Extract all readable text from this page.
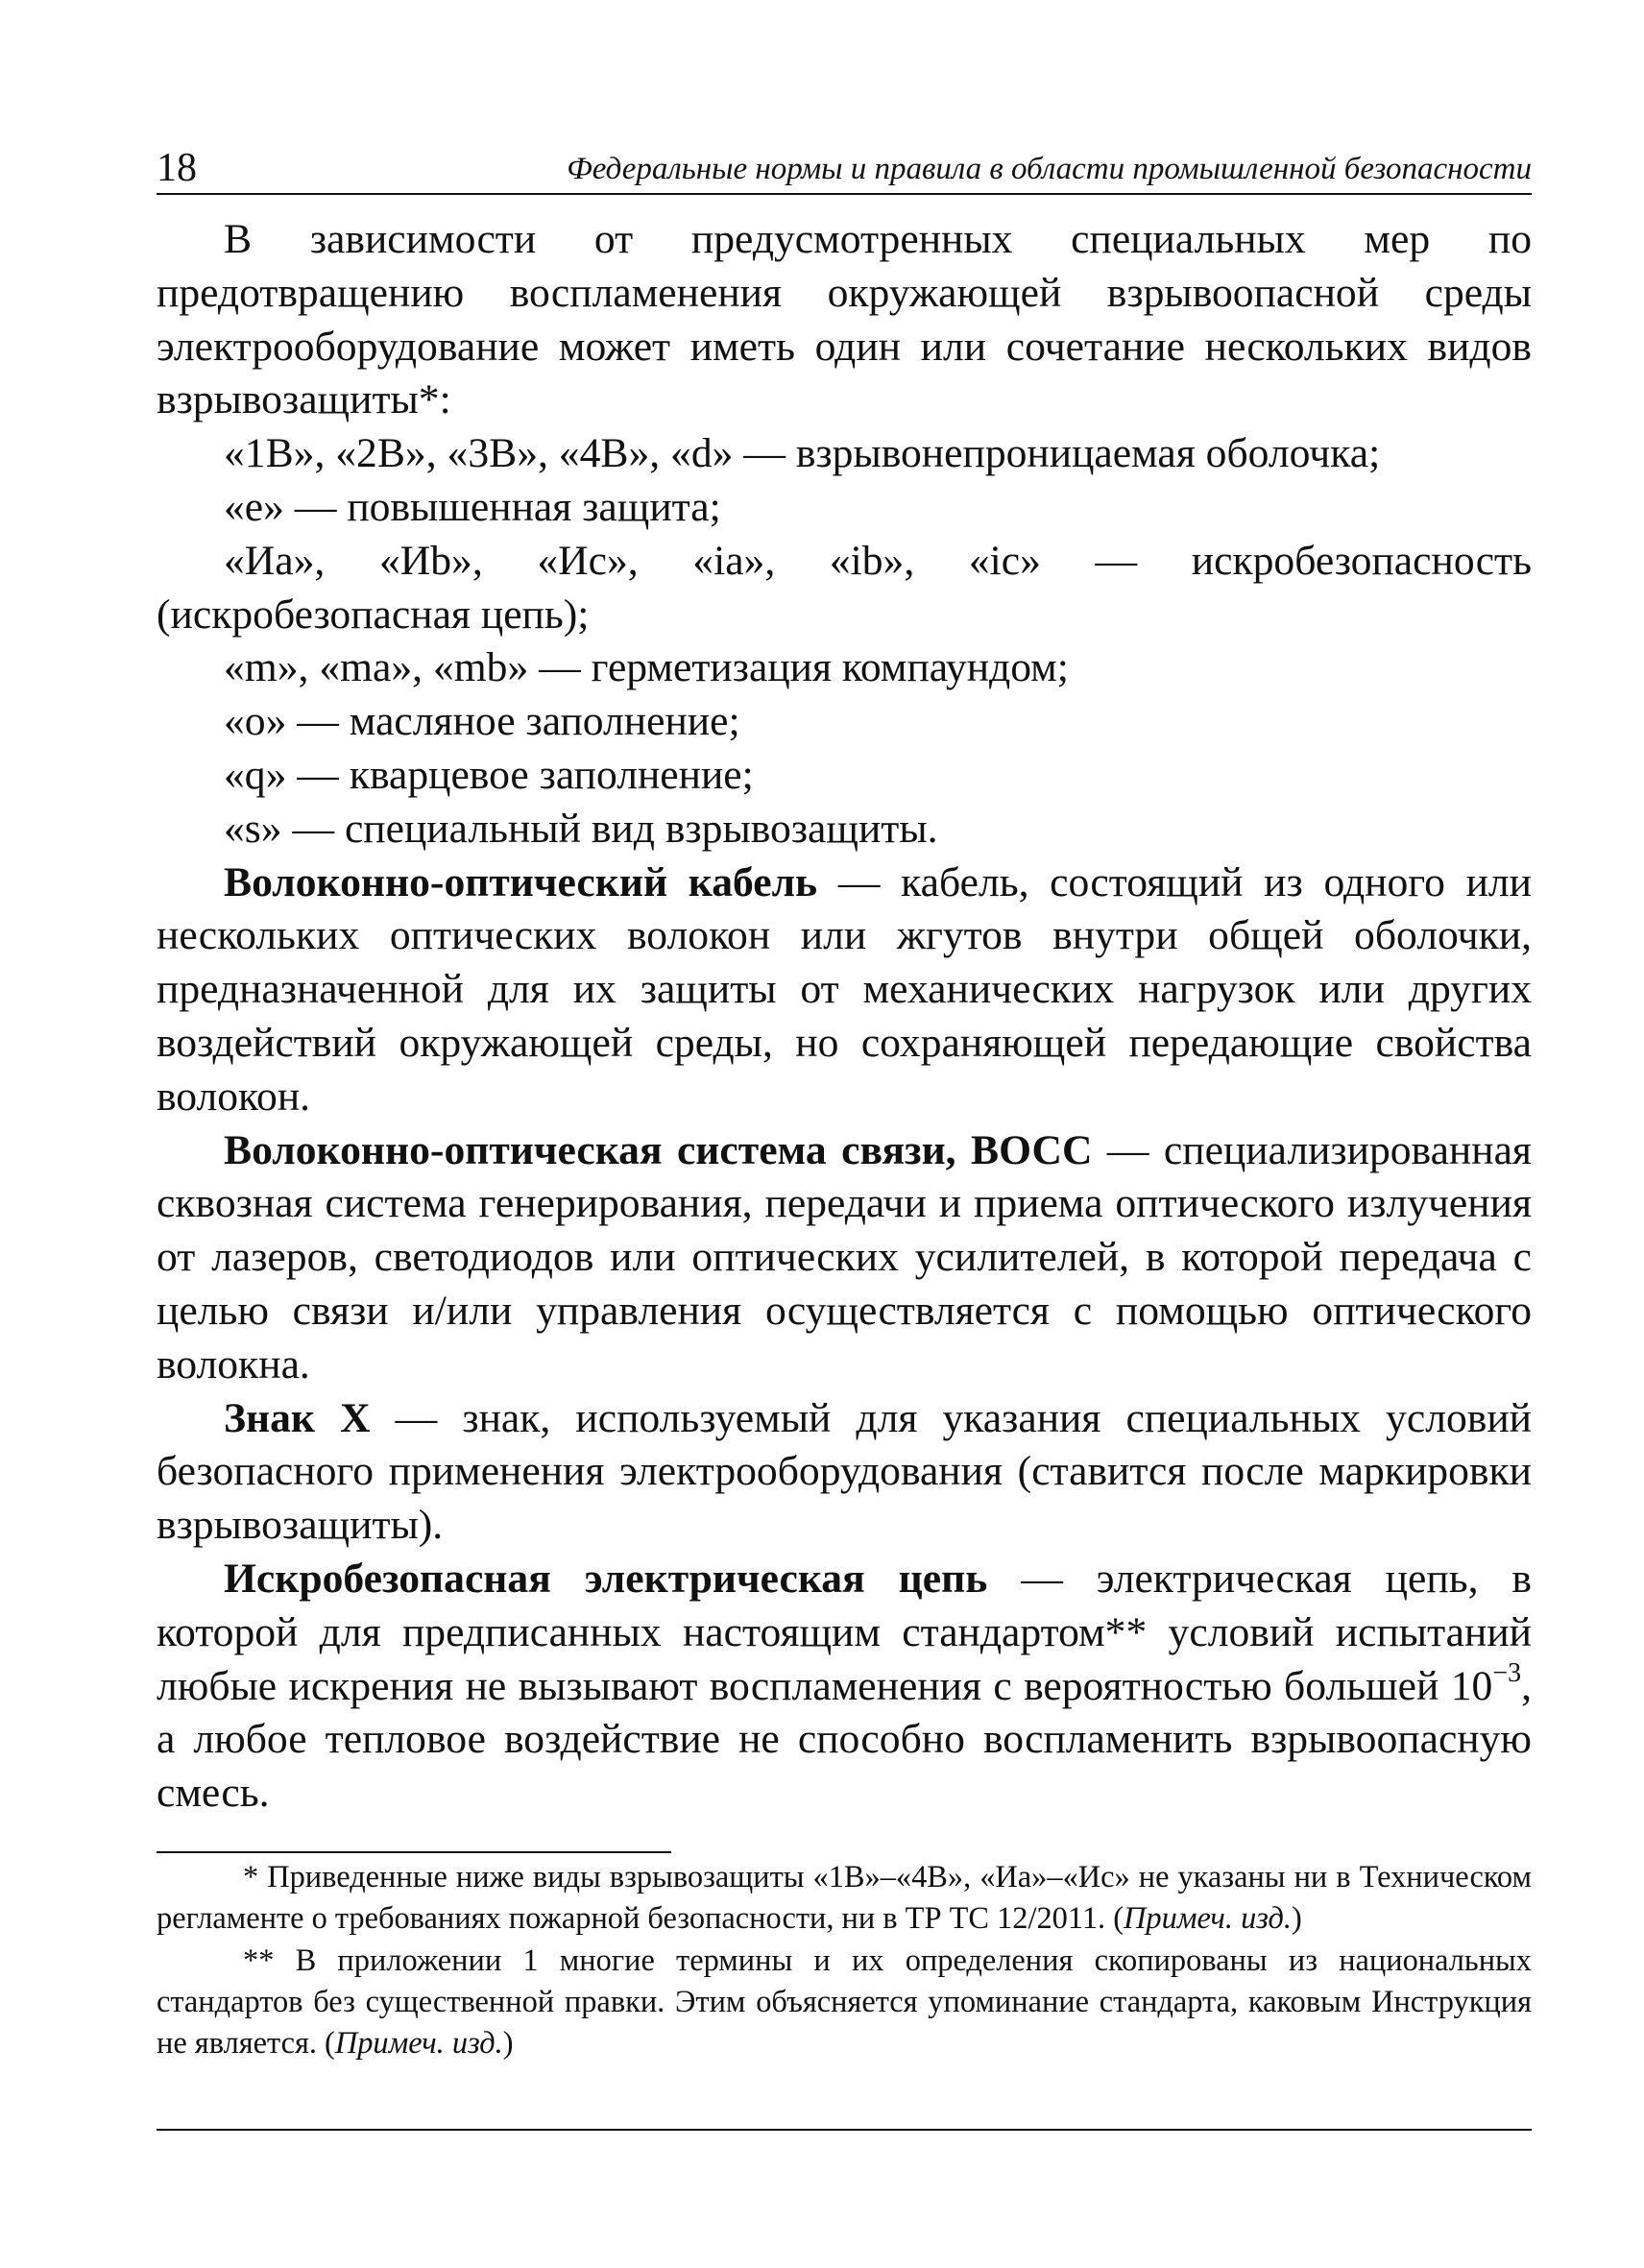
18	Федеральные нормы и правила в области промышленной безопасности

В зависимости от предусмотренных специальных мер по предотвращению воспламенения окружающей взрывоопасной среды электрооборудование может иметь один или сочетание нескольких видов взрывозащиты*:

«1В», «2В», «3В», «4В», «d» — взрывонепроницаемая оболочка;

«е» — повышенная защита;

«Иа», «Иb», «Ис», «ia», «ib», «ic» — искробезопасность (искробезопасная цепь);

«m», «ma», «mb» — герметизация компаундом;

«о» — масляное заполнение;

«q» — кварцевое заполнение;

«s» — специальный вид взрывозащиты.

Волоконно-оптический кабель — кабель, состоящий из одного или нескольких оптических волокон или жгутов внутри общей оболочки, предназначенной для их защиты от механических нагрузок или других воздействий окружающей среды, но сохраняющей передающие свойства волокон.

Волоконно-оптическая система связи, ВОСС — специализированная сквозная система генерирования, передачи и приема оптического излучения от лазеров, светодиодов или оптических усилителей, в которой передача с целью связи и/или управления осуществляется с помощью оптического волокна.

Знак X — знак, используемый для указания специальных условий безопасного применения электрооборудования (ставится после маркировки взрывозащиты).

Искробезопасная электрическая цепь — электрическая цепь, в которой для предписанных настоящим стандартом** условий испытаний любые искрения не вызывают воспламенения с вероятностью большей $10^{-3}$, а любое тепловое воздействие не способно воспламенить взрывоопасную смесь.

* Приведенные ниже виды взрывозащиты «1В»–«4В», «Иа»–«Ис» не указаны ни в Техническом регламенте о требованиях пожарной безопасности, ни в ТР ТС 12/2011. (Примеч. изд.)

** В приложении 1 многие термины и их определения скопированы из национальных стандартов без существенной правки. Этим объясняется упоминание стандарта, каковым Инструкция не является. (Примеч. изд.)
